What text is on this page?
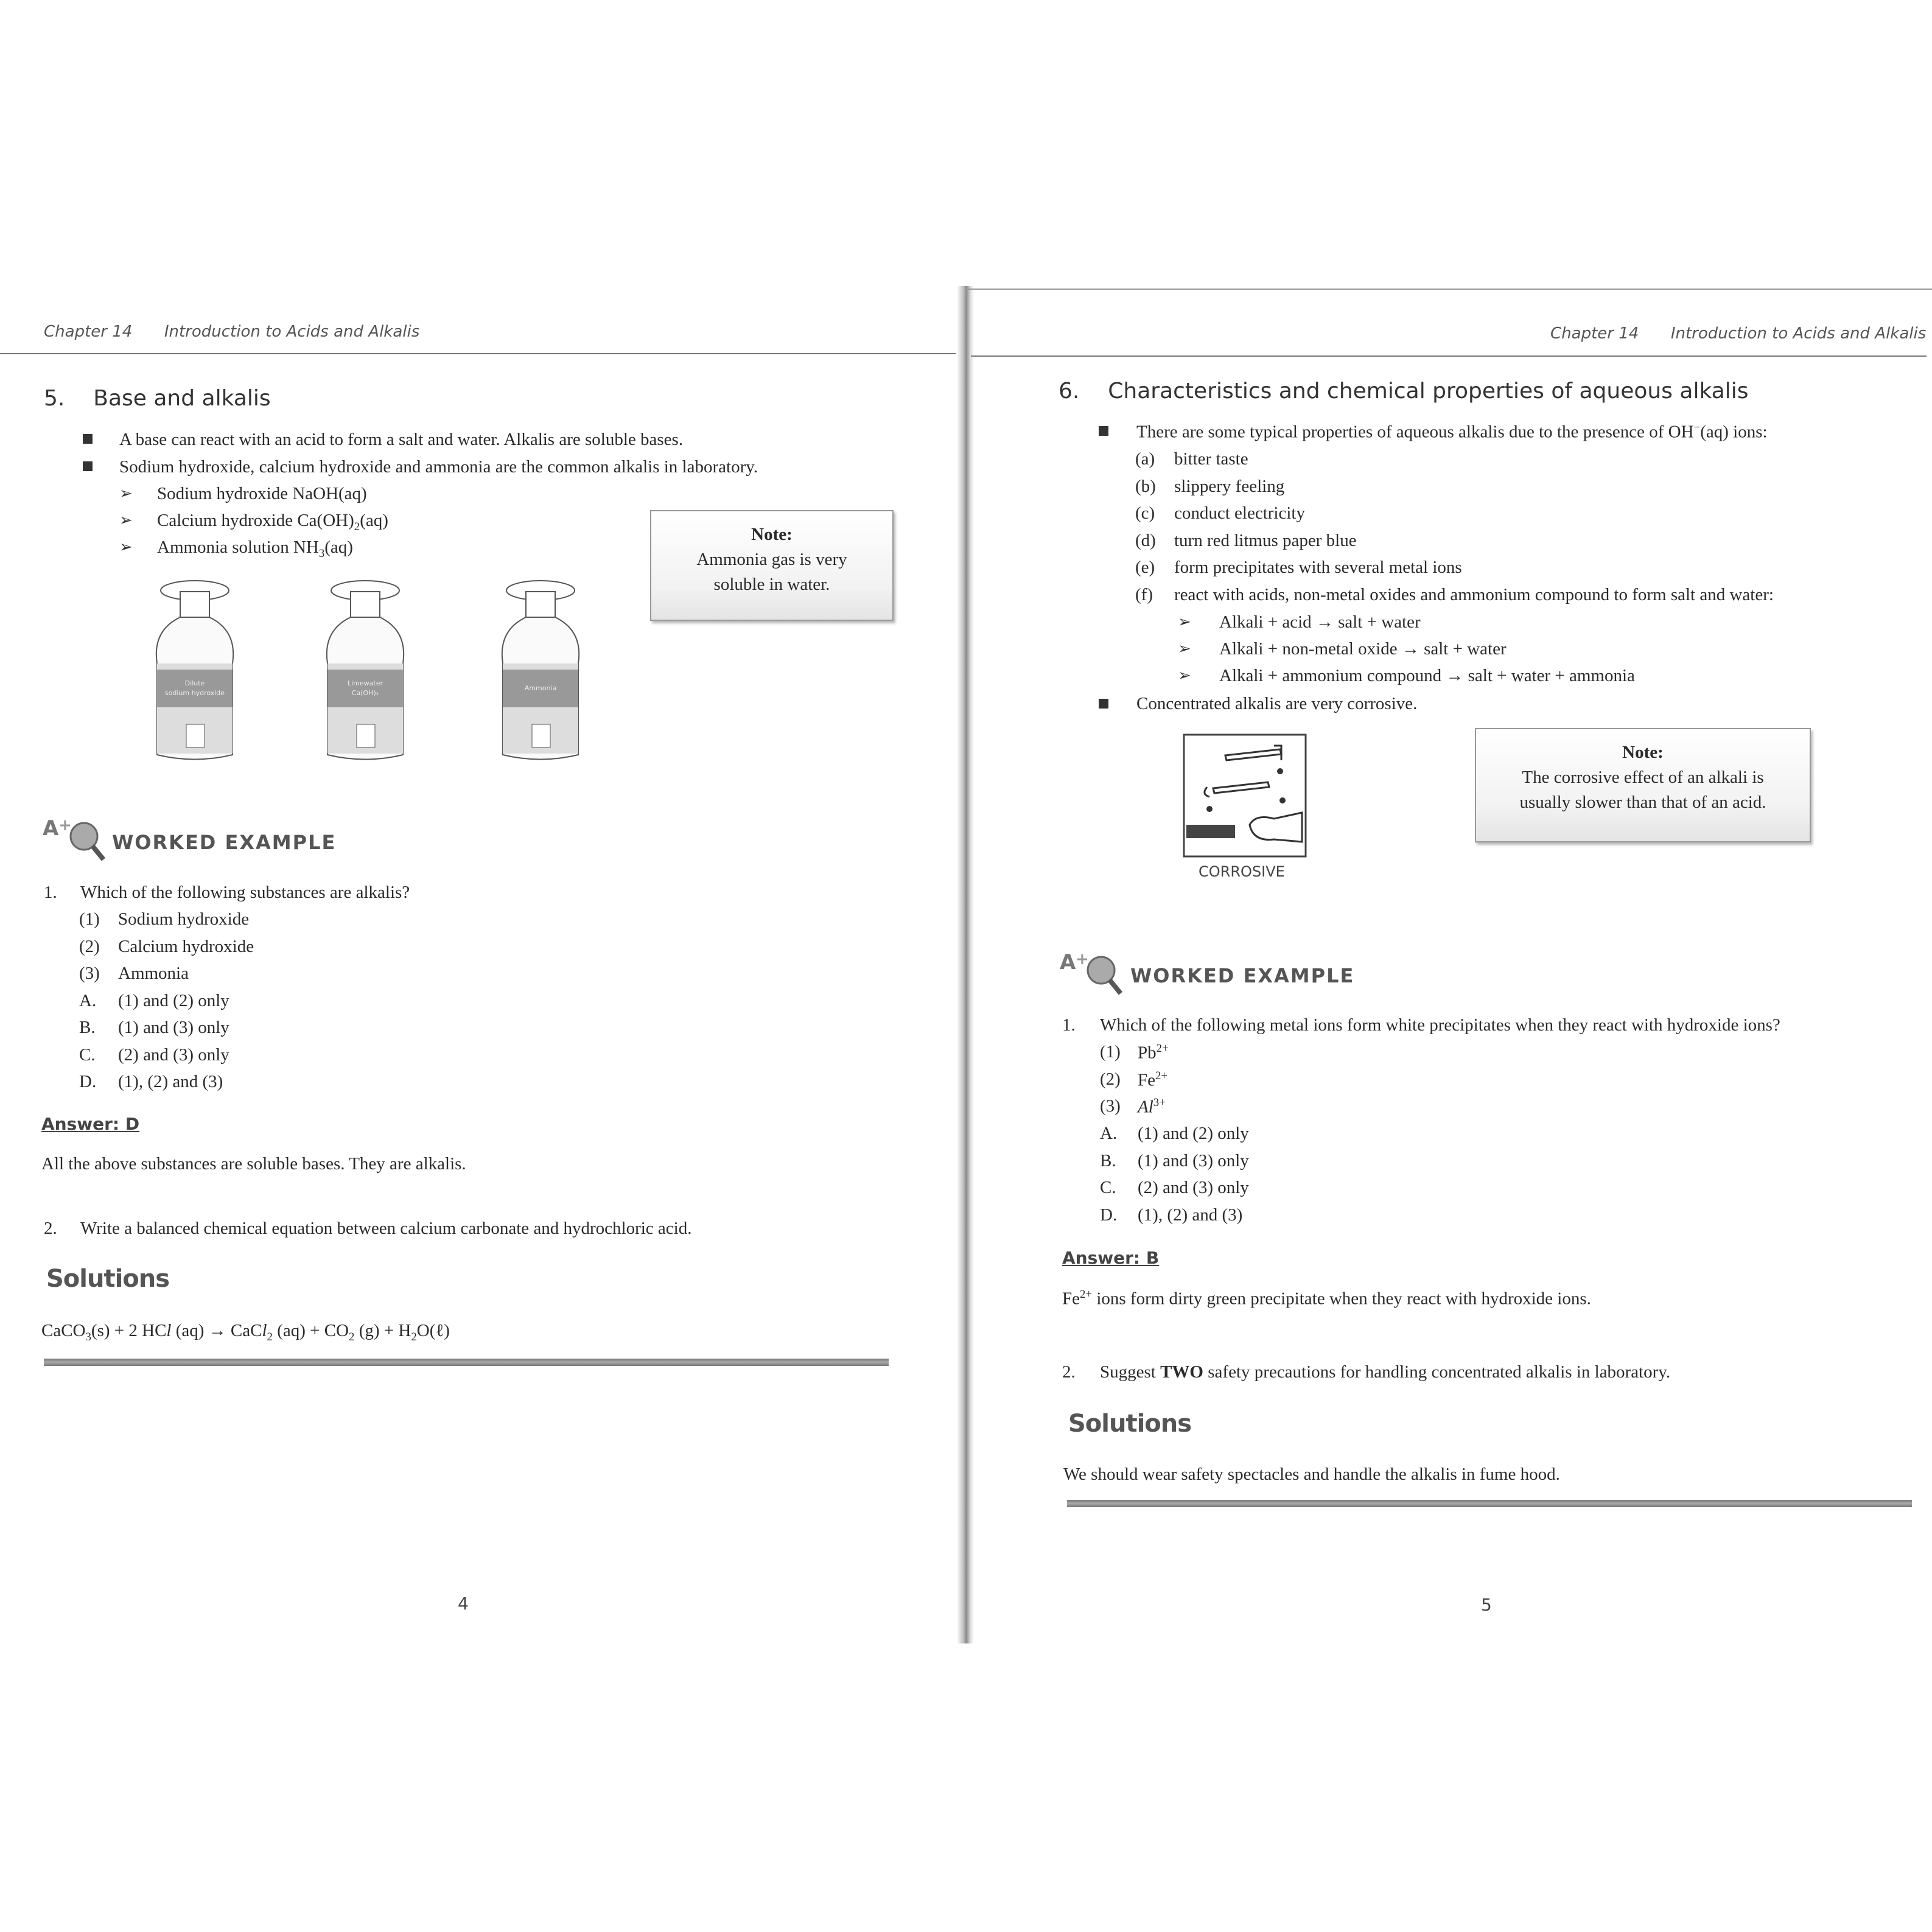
Chapter 14 Introduction to Acids and Alkalis
5. Base and alkalis
A base can react with an acid to form a salt and water. Alkalis are soluble bases.
Sodium hydroxide, calcium hydroxide and ammonia are the common alkalis in laboratory.
➢ Sodium hydroxide NaOH(aq)
➢ Calcium hydroxide $Ca(OH)_2(aq)$
➢ Ammonia solution $NH_3(aq)$
Note:
Ammonia gas is very
soluble in water.
Dilute
sodium hydroxide
Limewater
Ca(OH)₂
Ammonia
A +
WORKED EXAMPLE
1. Which of the following substances are alkalis?
(1) Sodium hydroxide
(2) Calcium hydroxide
(3) Ammonia
A. (1) and (2) only
B. (1) and (3) only
C. (2) and (3) only
D. (1), (2) and (3)
Answer: D
All the above substances are soluble bases. They are alkalis.
2. Write a balanced chemical equation between calcium carbonate and hydrochloric acid.
Solutions
CaCO$_3$(s) + 2 HCl (aq) → CaCl$_2$ $(aq) + CO_2$ $(g) + H_2O(\ell)$
4
Chapter 14 Introduction to Acids and Alkalis
6. Characteristics and chemical properties of aqueous alkalis
There are some typical properties of aqueous alkalis due to the presence of OH−(aq) ions:
(a) bitter taste
(b) slippery feeling
(c) conduct electricity
(d) turn red litmus paper blue
(e) form precipitates with several metal ions
(f) react with acids, non-metal oxides and ammonium compound to form salt and water:
➢ Alkali + acid → salt + water
➢ Alkali + non-metal oxide → salt + water
➢ Alkali + ammonium compound → salt + water + ammonia
Concentrated alkalis are very corrosive.
CORROSIVE
Note:
The corrosive effect of an alkali is
usually slower than that of an acid.
A +
WORKED EXAMPLE
1. Which of the following metal ions form white precipitates when they react with hydroxide ions?
(1) $Pb^{2+}$
(2) $Fe^{2+}$
(3) $Al^{3+}$
A. (1) and (2) only
B. (1) and (3) only
C. (2) and (3) only
D. (1), (2) and (3)
Answer: B
$Fe^{2+}$ ions form dirty green precipitate when they react with hydroxide ions.
2. Suggest TWO safety precautions for handling concentrated alkalis in laboratory.
Solutions
We should wear safety spectacles and handle the alkalis in fume hood.
5
